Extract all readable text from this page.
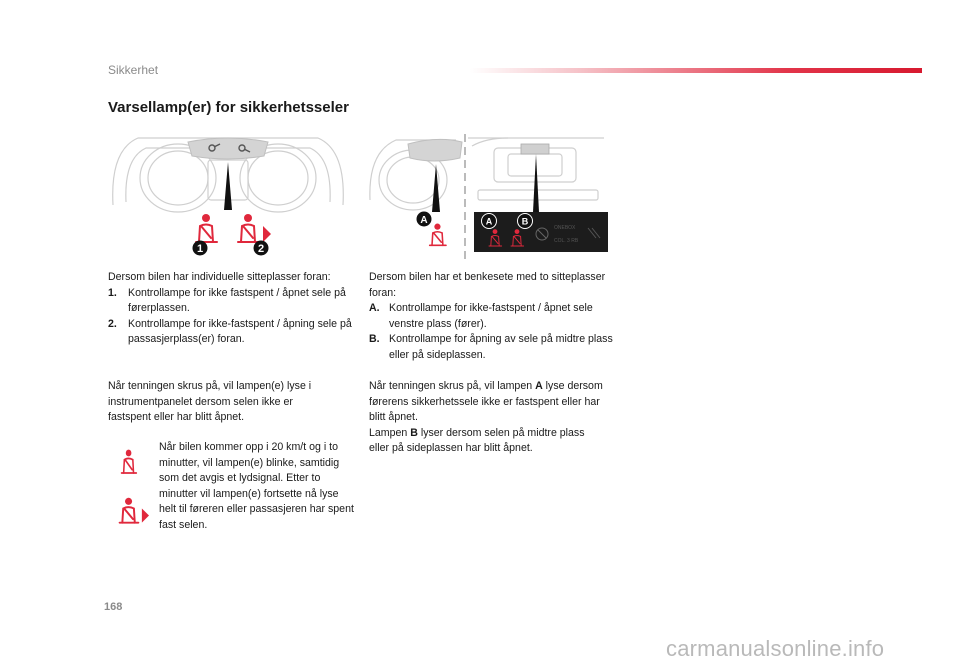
Sikkerhet
Varsellamp(er) for sikkerhetsseler
1	2
A	A	B
ONEBOX
COL. 3 RB
Dersom bilen har individuelle sitteplasser foran:
1. Kontrollampe for ikke fastspent / åpnet sele på førerplassen.
2. Kontrollampe for ikke-fastspent / åpning sele på passasjerplass(er) foran.
Når tenningen skrus på, vil lampen(e) lyse i instrumentpanelet dersom selen ikke er fastspent eller har blitt åpnet.
Når bilen kommer opp i 20 km/t og i to minutter, vil lampen(e) blinke, samtidig som det avgis et lydsignal. Etter to minutter vil lampen(e) fortsette nå lyse helt til føreren eller passasjeren har spent fast selen.
Dersom bilen har et benkesete med to sitteplasser foran:
A. Kontrollampe for ikke-fastspent / åpnet sele venstre plass (fører).
B. Kontrollampe for åpning av sele på midtre plass eller på sideplassen.
Når tenningen skrus på, vil lampen A lyse dersom førerens sikkerhetssele ikke er fastspent eller har blitt åpnet.
Lampen B lyser dersom selen på midtre plass eller på sideplassen har blitt åpnet.
168
carmanualsonline.info
